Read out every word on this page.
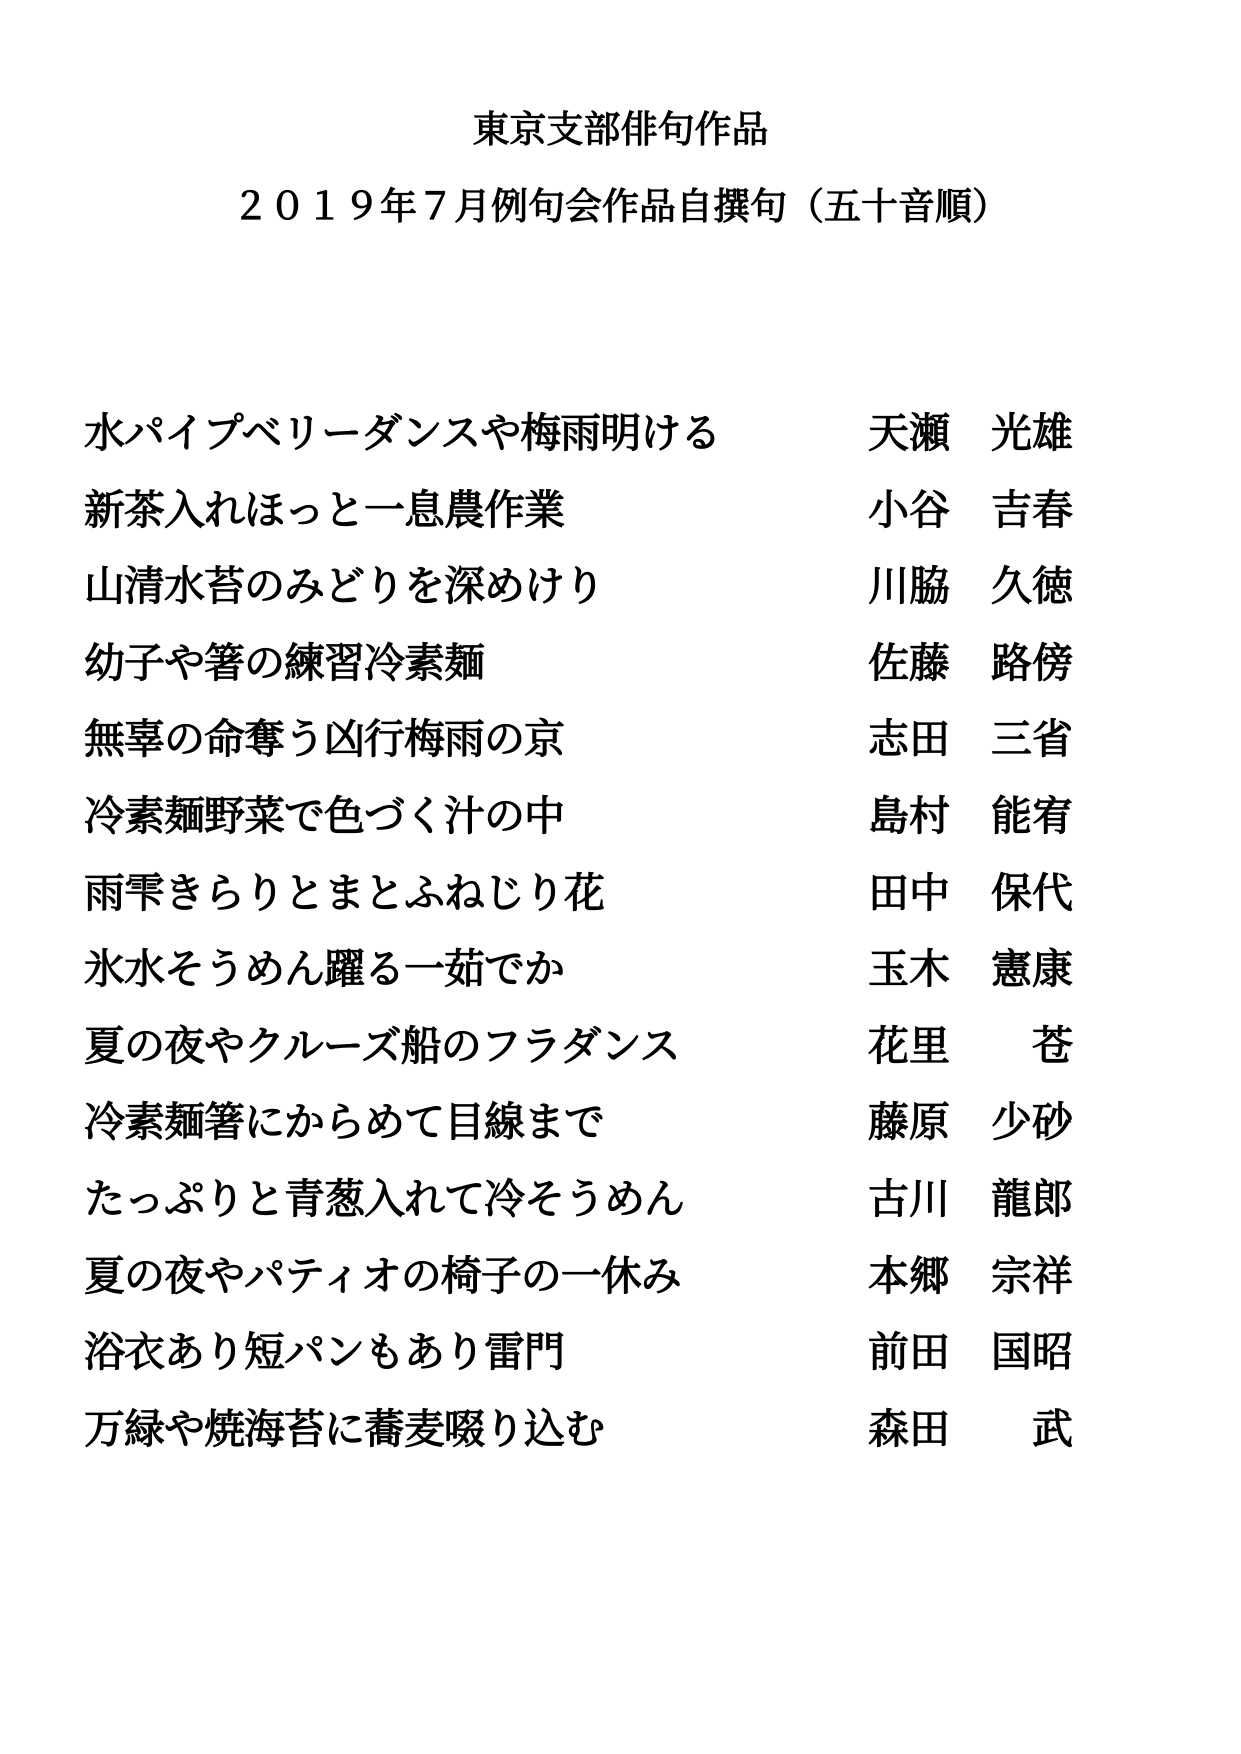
東京支部俳句作品
２０１９年７月例句会作品自撰句（五十音順）
水パイプベリーダンスや梅雨明ける	天瀬　光雄
新茶入れほっと一息農作業	小谷　吉春
山清水苔のみどりを深めけり	川脇　久徳
幼子や箸の練習冷素麺	佐藤　路傍
無辜の命奪う凶行梅雨の京	志田　三省
冷素麺野菜で色づく汁の中	島村　能宥
雨雫きらりとまとふねじり花	田中　保代
氷水そうめん躍る一茹でか	玉木　憲康
夏の夜やクルーズ船のフラダンス	花里　　苍
冷素麺箸にからめて目線まで	藤原　少砂
たっぷりと青葱入れて冷そうめん	古川　龍郎
夏の夜やパティオの椅子の一休み	本郷　宗祥
浴衣あり短パンもあり雷門	前田　国昭
万緑や焼海苔に蕎麦啜り込む	森田　　武
